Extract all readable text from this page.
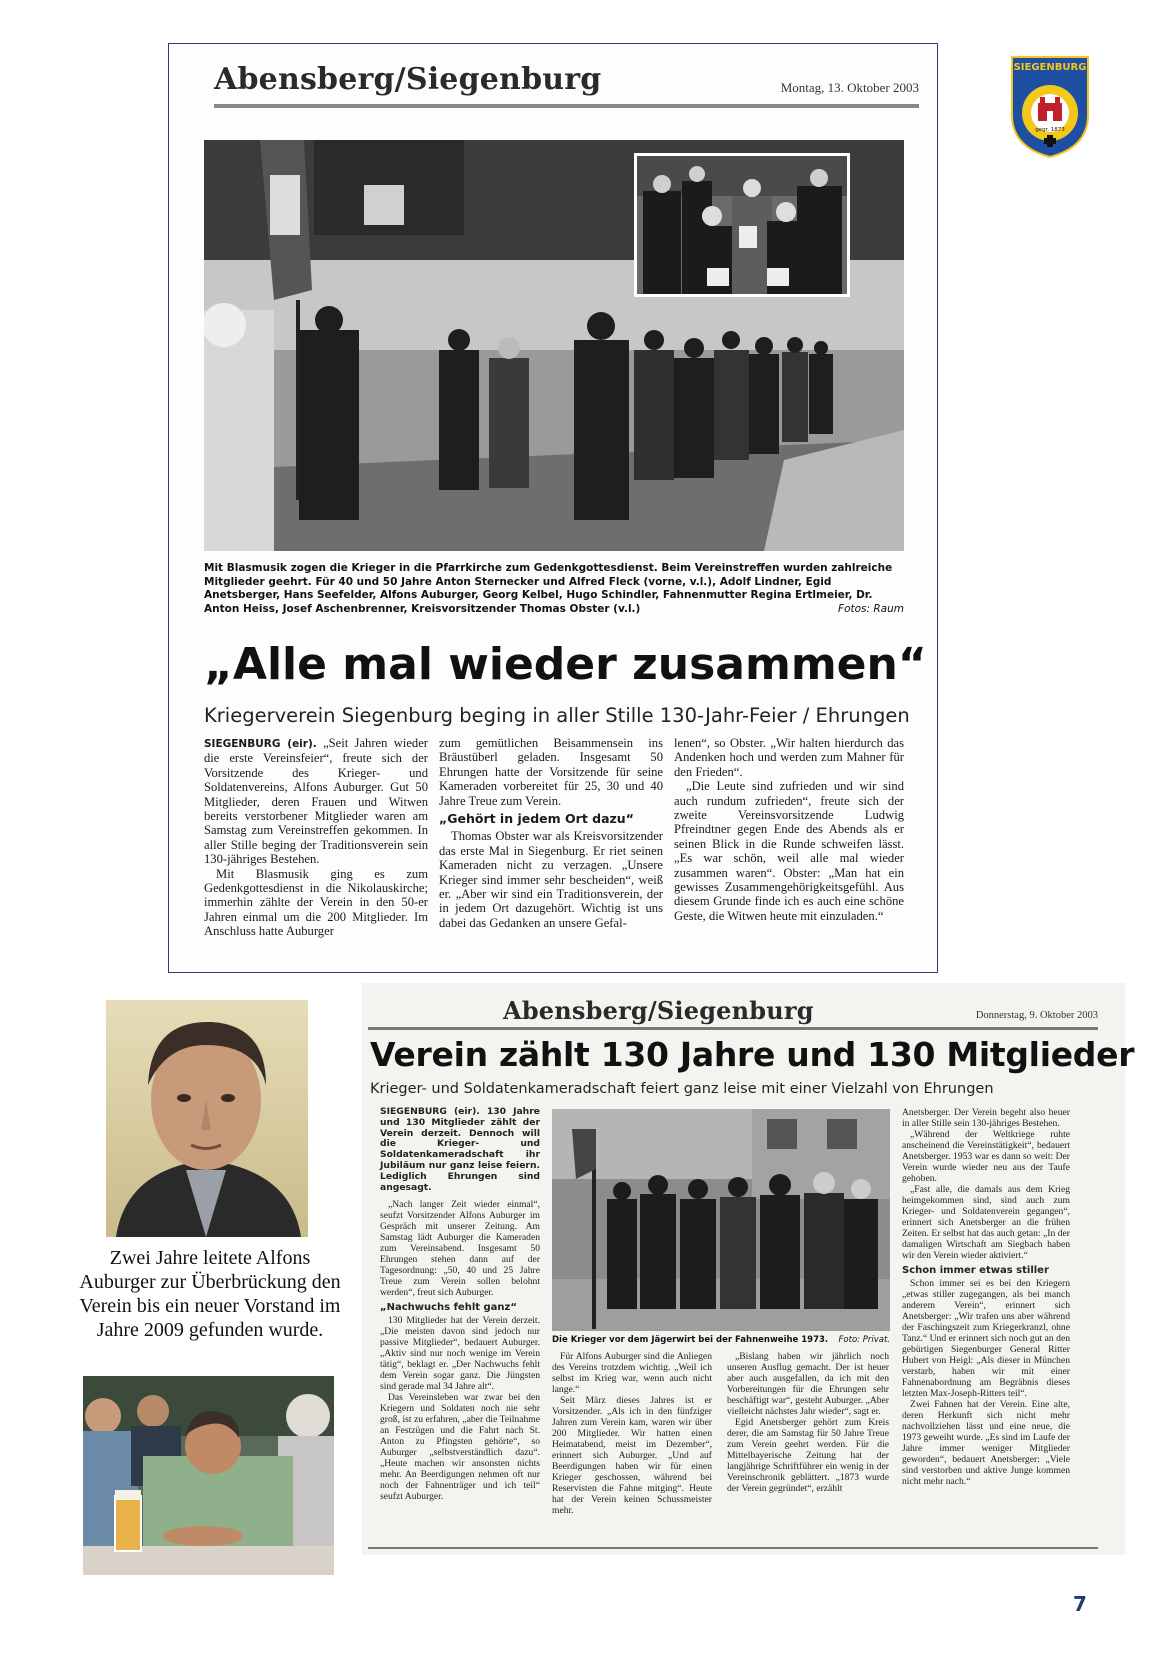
Abensberg/Siegenburg	Montag, 13. Oktober 2003
Mit Blasmusik zogen die Krieger in die Pfarrkirche zum Gedenkgottesdienst. Beim Vereinstreffen wurden zahlreiche Mitglieder geehrt. Für 40 und 50 Jahre Anton Sternecker und Alfred Fleck (vorne, v.l.), Adolf Lindner, Egid Anetsberger, Hans Seefelder, Alfons Auburger, Georg Kelbel, Hugo Schindler, Fahnenmutter Regina Ertlmeier, Dr. Anton Heiss, Josef Aschenbrenner, Kreisvorsitzender Thomas Obster (v.l.)	Fotos: Raum
„Alle mal wieder zusammen“
Kriegerverein Siegenburg beging in aller Stille 130-Jahr-Feier / Ehrungen

SIEGENBURG (eir). „Seit Jahren wieder die erste Vereinsfeier“, freute sich der Vorsitzende des Krieger- und Soldatenvereins, Alfons Auburger. Gut 50 Mitglieder, deren Frauen und Witwen bereits verstorbener Mitglieder waren am Samstag zum Vereinstreffen gekommen. In aller Stille beging der Traditionsverein sein 130-jähriges Bestehen.

Mit Blasmusik ging es zum Gedenkgottesdienst in die Nikolauskirche; immerhin zählte der Verein in den 50-er Jahren einmal um die 200 Mitglieder. Im Anschluss hatte Auburger

zum gemütlichen Beisammensein ins Bräustüberl geladen. Insgesamt 50 Ehrungen hatte der Vorsitzende für seine Kameraden vorbereitet für 25, 30 und 40 Jahre Treue zum Verein.

„Gehört in jedem Ort dazu“

Thomas Obster war als Kreisvorsitzender das erste Mal in Siegenburg. Er riet seinen Kameraden nicht zu verzagen. „Unsere Krieger sind immer sehr bescheiden“, weiß er. „Aber wir sind ein Traditionsverein, der in jedem Ort dazugehört. Wichtig ist uns dabei das Gedanken an unsere Gefal-

lenen“, so Obster. „Wir halten hierdurch das Andenken hoch und werden zum Mahner für den Frieden“.

„Die Leute sind zufrieden und wir sind auch rundum zufrieden“, freute sich der zweite Vereinsvorsitzende Ludwig Pfreindtner gegen Ende des Abends als er seinen Blick in die Runde schweifen lässt. „Es war schön, weil alle mal wieder zusammen waren“. Obster: „Man hat ein gewisses Zusammengehörigkeitsgefühl. Aus diesem Grunde finde ich es auch eine schöne Geste, die Witwen heute mit einzuladen.“

SIEGENBURG
gegr. 1873
Abensberg/Siegenburg	Donnerstag, 9. Oktober 2003
Verein zählt 130 Jahre und 130 Mitglieder
Krieger- und Soldatenkameradschaft feiert ganz leise mit einer Vielzahl von Ehrungen

SIEGENBURG (eir). 130 Jahre und 130 Mitglieder zählt der Verein derzeit. Dennoch will die Krieger- und Soldatenkameradschaft ihr Jubiläum nur ganz leise feiern. Lediglich Ehrungen sind angesagt.

„Nach langer Zeit wieder einmal“, seufzt Vorsitzender Alfons Auburger im Gespräch mit unserer Zeitung. Am Samstag lädt Auburger die Kameraden zum Vereinsabend. Insgesamt 50 Ehrungen stehen dann auf der Tagesordnung: „50, 40 und 25 Jahre Treue zum Verein sollen belohnt werden“, freut sich Auburger.

„Nachwuchs fehlt ganz“

130 Mitglieder hat der Verein derzeit. „Die meisten davon sind jedoch nur passive Mitglieder“, bedauert Auburger. „Aktiv sind nur noch wenige im Verein tätig“, beklagt er. „Der Nachwuchs fehlt dem Verein sogar ganz. Die Jüngsten sind gerade mal 34 Jahre alt“.

Das Vereinsleben war zwar bei den Kriegern und Soldaten noch nie sehr groß, ist zu erfahren, „aber die Teilnahme an Festzügen und die Fahrt nach St. Anton zu Pfingsten gehörte“, so Auburger „selbstverständlich dazu“. „Heute machen wir ansonsten nichts mehr. An Beerdigungen nehmen oft nur noch der Fahnenträger und ich teil“ seufzt Auburger.

Die Krieger vor dem Jägerwirt bei der Fahnenweihe 1973. Foto: Privat.

Für Alfons Auburger sind die Anliegen des Vereins trotzdem wichtig. „Weil ich selbst im Krieg war, wenn auch nicht lange.“

Seit März dieses Jahres ist er Vorsitzender. „Als ich in den fünfziger Jahren zum Verein kam, waren wir über 200 Mitglieder. Wir hatten einen Heimatabend, meist im Dezember“, erinnert sich Auburger. „Und auf Beerdigungen haben wir für einen Krieger geschossen, während bei Reservisten die Fahne mitging“. Heute hat der Verein keinen Schussmeister mehr.

„Bislang haben wir jährlich noch unseren Ausflug gemacht. Der ist heuer aber auch ausgefallen, da ich mit den Vorbereitungen für die Ehrungen sehr beschäftigt war“, gesteht Auburger. „Aber vielleicht nächstes Jahr wieder“, sagt er.

Egid Anetsberger gehört zum Kreis derer, die am Samstag für 50 Jahre Treue zum Verein geehrt werden. Für die Mittelbayerische Zeitung hat der langjährige Schriftführer ein wenig in der Vereinschronik geblättert. „1873 wurde der Verein gegründet“, erzählt

Anetsberger. Der Verein begeht also heuer in aller Stille sein 130-jähriges Bestehen.

„Während der Weltkriege ruhte anscheinend die Vereinstätigkeit“, bedauert Anetsberger. 1953 war es dann so weit: Der Verein wurde wieder neu aus der Taufe gehoben.

„Fast alle, die damals aus dem Krieg heimgekommen sind, sind auch zum Krieger- und Soldatenverein gegangen“, erinnert sich Anetsberger an die frühen Zeiten. Er selbst hat das auch getan: „In der damaligen Wirtschaft am Siegbach haben wir den Verein wieder aktiviert.“

Schon immer etwas stiller

Schon immer sei es bei den Kriegern „etwas stiller zugegangen, als bei manch anderem Verein“, erinnert sich Anetsberger: „Wir trafen uns aber während der Faschingszeit zum Kriegerkranzl, ohne Tanz.“ Und er erinnert sich noch gut an den gebürtigen Siegenburger General Ritter Hubert von Heigl: „Als dieser in München verstarb, haben wir mit einer Fahnenabordnung am Begräbnis dieses letzten Max-Joseph-Ritters teil“.

Zwei Fahnen hat der Verein. Eine alte, deren Herkunft sich nicht mehr nachvollziehen lässt und eine neue, die 1973 geweiht wurde. „Es sind im Laufe der Jahre immer weniger Mitglieder geworden“, bedauert Anetsberger: „Viele sind verstorben und aktive Junge kommen nicht mehr nach.“

Zwei Jahre leitete Alfons Auburger zur Überbrückung den Verein bis ein neuer Vorstand im Jahre 2009 gefunden wurde.
7
